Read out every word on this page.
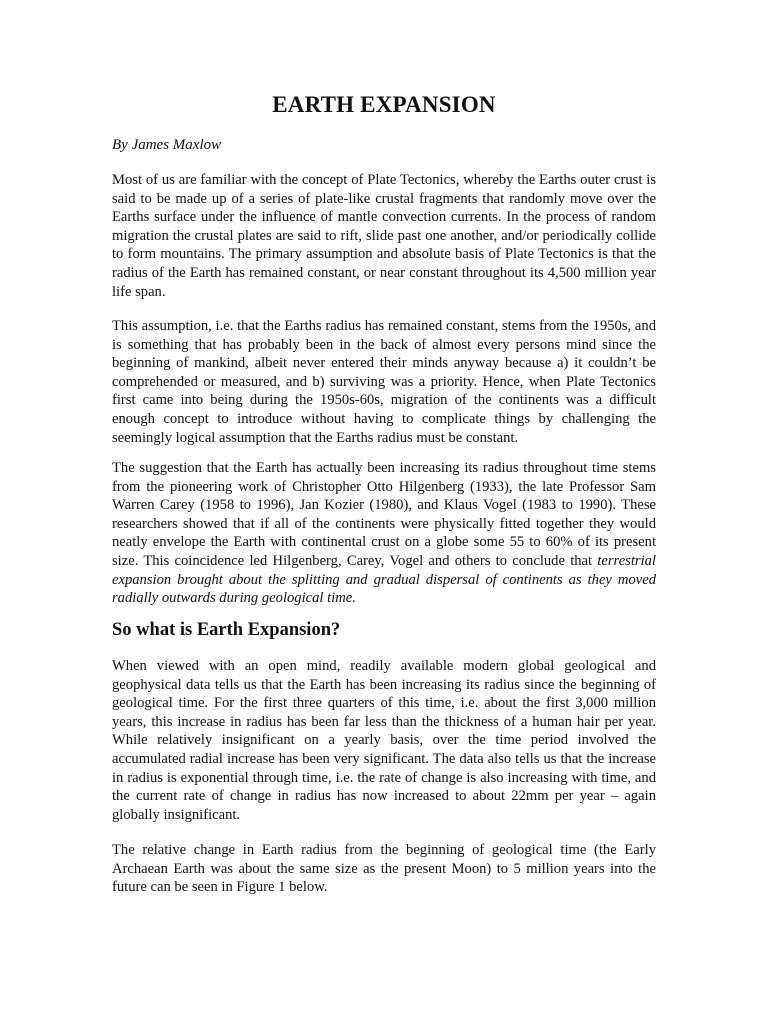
EARTH EXPANSION

By James Maxlow

Most of us are familiar with the concept of Plate Tectonics, whereby the Earths outer crust is said to be made up of a series of plate-like crustal fragments that randomly move over the Earths surface under the influence of mantle convection currents. In the process of random migration the crustal plates are said to rift, slide past one another, and/or periodically collide to form mountains. The primary assumption and absolute basis of Plate Tectonics is that the radius of the Earth has remained constant, or near constant throughout its 4,500 million year life span.

This assumption, i.e. that the Earths radius has remained constant, stems from the 1950s, and is something that has probably been in the back of almost every persons mind since the beginning of mankind, albeit never entered their minds anyway because a) it couldn’t be comprehended or measured, and b) surviving was a priority. Hence, when Plate Tectonics first came into being during the 1950s-60s, migration of the continents was a difficult enough concept to introduce without having to complicate things by challenging the seemingly logical assumption that the Earths radius must be constant.

The suggestion that the Earth has actually been increasing its radius throughout time stems from the pioneering work of Christopher Otto Hilgenberg (1933), the late Professor Sam Warren Carey (1958 to 1996), Jan Kozier (1980), and Klaus Vogel (1983 to 1990). These researchers showed that if all of the continents were physically fitted together they would neatly envelope the Earth with continental crust on a globe some 55 to 60% of its present size. This coincidence led Hilgenberg, Carey, Vogel and others to conclude that terrestrial expansion brought about the splitting and gradual dispersal of continents as they moved radially outwards during geological time.

So what is Earth Expansion?

When viewed with an open mind, readily available modern global geological and geophysical data tells us that the Earth has been increasing its radius since the beginning of geological time. For the first three quarters of this time, i.e. about the first 3,000 million years, this increase in radius has been far less than the thickness of a human hair per year. While relatively insignificant on a yearly basis, over the time period involved the accumulated radial increase has been very significant. The data also tells us that the increase in radius is exponential through time, i.e. the rate of change is also increasing with time, and the current rate of change in radius has now increased to about 22mm per year – again globally insignificant.

The relative change in Earth radius from the beginning of geological time (the Early Archaean Earth was about the same size as the present Moon) to 5 million years into the future can be seen in Figure 1 below.
